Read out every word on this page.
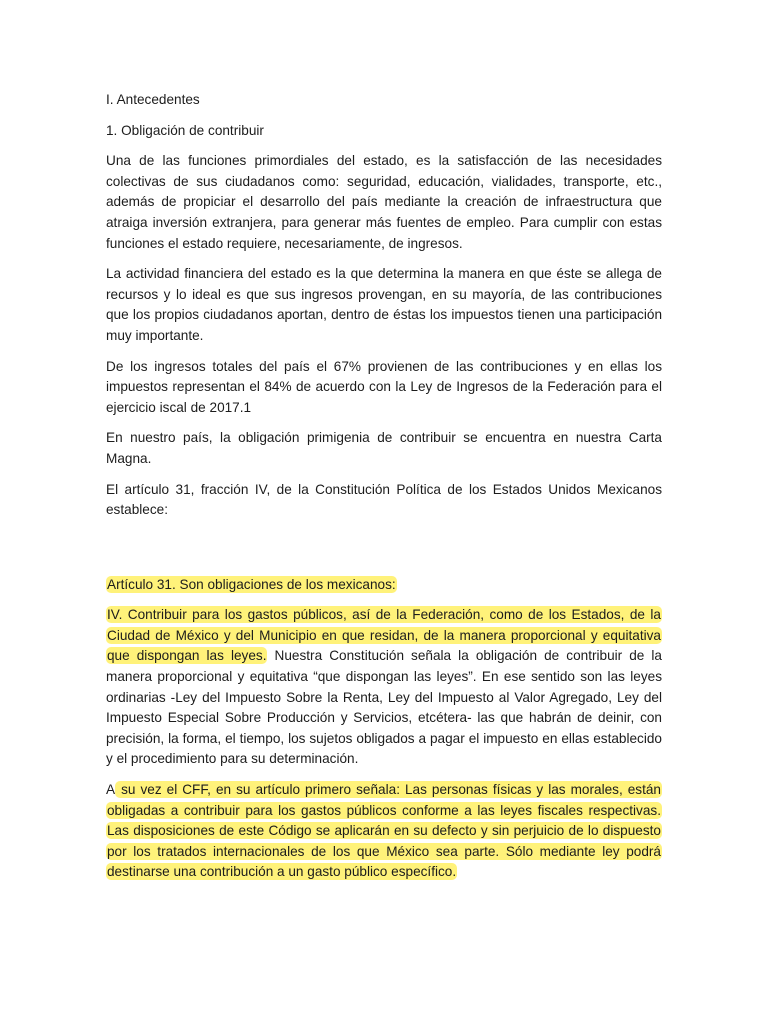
I. Antecedentes

1. Obligación de contribuir

Una de las funciones primordiales del estado, es la satisfacción de las necesidades colectivas de sus ciudadanos como: seguridad, educación, vialidades, transporte, etc., además de propiciar el desarrollo del país mediante la creación de infraestructura que atraiga inversión extranjera, para generar más fuentes de empleo. Para cumplir con estas funciones el estado requiere, necesariamente, de ingresos.

La actividad financiera del estado es la que determina la manera en que éste se allega de recursos y lo ideal es que sus ingresos provengan, en su mayoría, de las contribuciones que los propios ciudadanos aportan, dentro de éstas los impuestos tienen una participación muy importante.

De los ingresos totales del país el 67% provienen de las contribuciones y en ellas los impuestos representan el 84% de acuerdo con la Ley de Ingresos de la Federación para el ejercicio iscal de 2017.1

En nuestro país, la obligación primigenia de contribuir se encuentra en nuestra Carta Magna.

El artículo 31, fracción IV, de la Constitución Política de los Estados Unidos Mexicanos establece:

Artículo 31. Son obligaciones de los mexicanos:

IV. Contribuir para los gastos públicos, así de la Federación, como de los Estados, de la Ciudad de México y del Municipio en que residan, de la manera proporcional y equitativa que dispongan las leyes. Nuestra Constitución señala la obligación de contribuir de la manera proporcional y equitativa “que dispongan las leyes”. En ese sentido son las leyes ordinarias -Ley del Impuesto Sobre la Renta, Ley del Impuesto al Valor Agregado, Ley del Impuesto Especial Sobre Producción y Servicios, etcétera- las que habrán de deinir, con precisión, la forma, el tiempo, los sujetos obligados a pagar el impuesto en ellas establecido y el procedimiento para su determinación.

A su vez el CFF, en su artículo primero señala: Las personas físicas y las morales, están obligadas a contribuir para los gastos públicos conforme a las leyes fiscales respectivas. Las disposiciones de este Código se aplicarán en su defecto y sin perjuicio de lo dispuesto por los tratados internacionales de los que México sea parte. Sólo mediante ley podrá destinarse una contribución a un gasto público específico.
